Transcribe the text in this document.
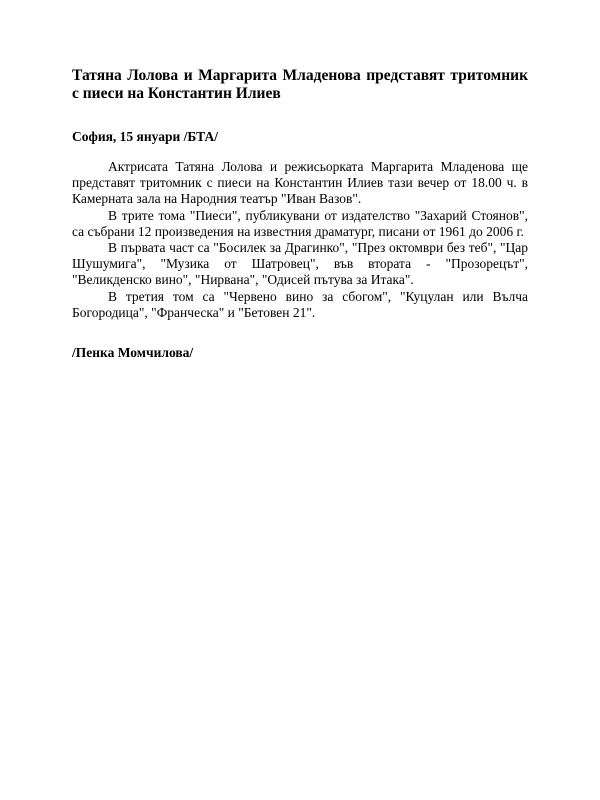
Татяна Лолова и Маргарита Младенова представят тритомник с пиеси на Константин Илиев

София, 15 януари /БТА/

Актрисата Татяна Лолова и режисьорката Маргарита Младенова ще представят тритомник с пиеси на Константин Илиев тази вечер от 18.00 ч. в Камерната зала на Народния театър "Иван Вазов".

В трите тома "Пиеси", публикувани от издателство "Захарий Стоянов", са събрани 12 произведения на известния драматург, писани от 1961 до 2006 г.

В първата част са "Босилек за Драгинко", "През октомври без теб", "Цар Шушумига", "Музика от Шатровец", във втората - "Прозорецът", "Великденско вино", "Нирвана", "Одисей пътува за Итака".

В третия том са "Червено вино за сбогом", "Куцулан или Вълча Богородица", "Франческа" и "Бетовен 21".

/Пенка Момчилова/
